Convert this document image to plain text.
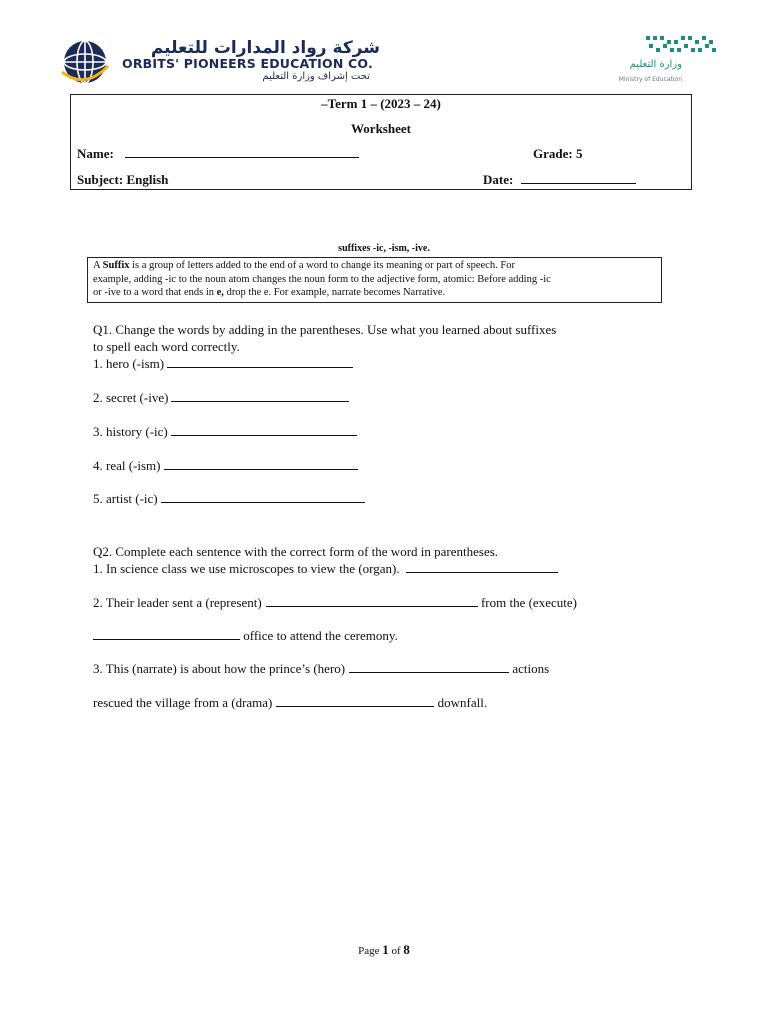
شركة رواد المدارات للتعليم
ORBITS' PIONEERS EDUCATION CO.
تحت إشراف وزارة التعليم
وزارة التعليم
Ministry of Education
–Term 1 – (2023 – 24)
Worksheet
Name:	Grade: 5
Subject: English	Date:
suffixes -ic, -ism, -ive.
A Suffix is a group of letters added to the end of a word to change its meaning or part of speech. For
example, adding -ic to the noun atom changes the noun form to the adjective form, atomic: Before adding -ic
or -ive to a word that ends in e, drop the e. For example, narrate becomes Narrative.
Q1. Change the words by adding in the parentheses. Use what you learned about suffixes
to spell each word correctly.
1. hero (-ism)
2. secret (-ive)
3. history (-ic)
4. real (-ism)
5. artist (-ic)
Q2. Complete each sentence with the correct form of the word in parentheses.
1. In science class we use microscopes to view the (organ).
2. Their leader sent a (represent)	from the (execute)
office to attend the ceremony.
3. This (narrate) is about how the prince’s (hero)	actions
rescued the village from a (drama)	downfall.
Page 1 of 8
